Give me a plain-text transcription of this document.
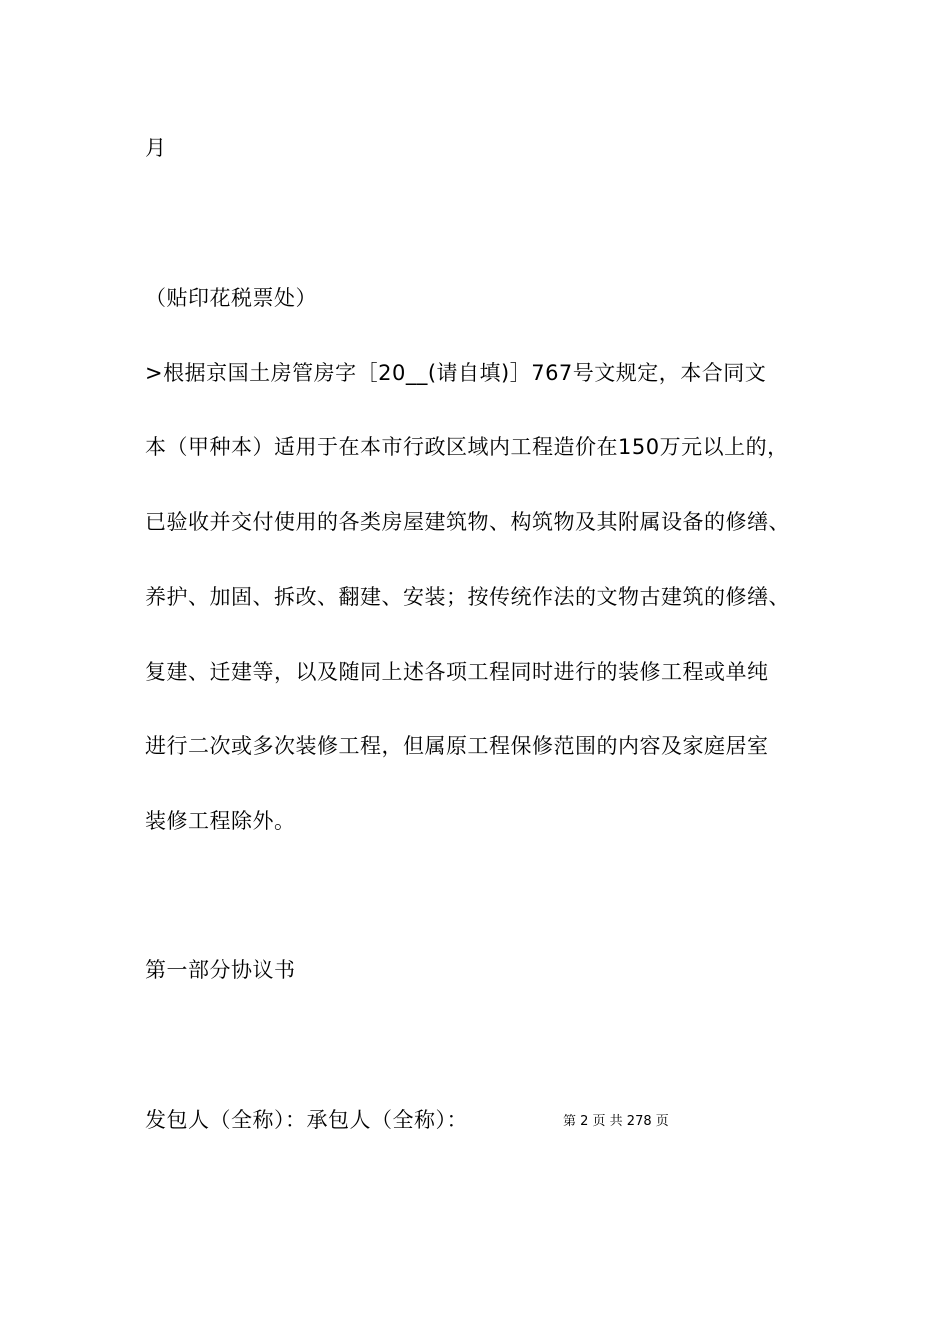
月
（贴印花税票处）
>根据京国土房管房字［20__(请自填)］767号文规定，本合同文
本（甲种本）适用于在本市行政区域内工程造价在150万元以上的，
已验收并交付使用的各类房屋建筑物、构筑物及其附属设备的修缮、
养护、加固、拆改、翻建、安装；按传统作法的文物古建筑的修缮、
复建、迁建等，以及随同上述各项工程同时进行的装修工程或单纯
进行二次或多次装修工程，但属原工程保修范围的内容及家庭居室
装修工程除外。
第一部分协议书
发包人（全称）：承包人（全称）：	第 2 页 共 278 页
